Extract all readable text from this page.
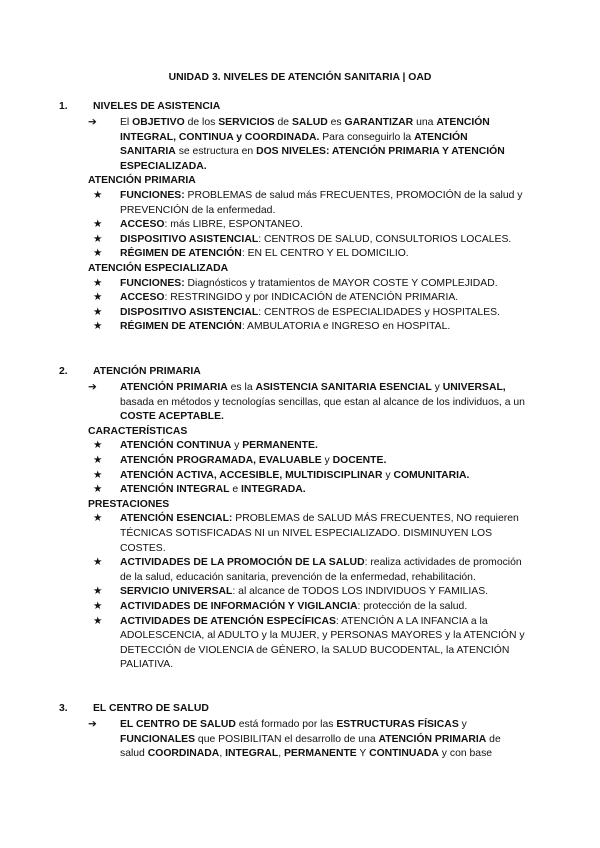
UNIDAD 3. NIVELES DE ATENCIÓN SANITARIA | OAD
1. NIVELES DE ASISTENCIA
➔ El OBJETIVO de los SERVICIOS de SALUD es GARANTIZAR una ATENCIÓN INTEGRAL, CONTINUA y COORDINADA. Para conseguirlo la ATENCIÓN SANITARIA se estructura en DOS NIVELES: ATENCIÓN PRIMARIA Y ATENCIÓN ESPECIALIZADA.
ATENCIÓN PRIMARIA
★ FUNCIONES: PROBLEMAS de salud más FRECUENTES, PROMOCIÓN de la salud y PREVENCIÓN de la enfermedad.
★ ACCESO: más LIBRE, ESPONTANEO.
★ DISPOSITIVO ASISTENCIAL: CENTROS DE SALUD, CONSULTORIOS LOCALES.
★ RÉGIMEN DE ATENCIÓN: EN EL CENTRO Y EL DOMICILIO.
ATENCIÓN ESPECIALIZADA
★ FUNCIONES: Diagnósticos y tratamientos de MAYOR COSTE Y COMPLEJIDAD.
★ ACCESO: RESTRINGIDO y por INDICACIÓN de ATENCIÓN PRIMARIA.
★ DISPOSITIVO ASISTENCIAL: CENTROS de ESPECIALIDADES y HOSPITALES.
★ RÉGIMEN DE ATENCIÓN: AMBULATORIA e INGRESO en HOSPITAL.
2. ATENCIÓN PRIMARIA
➔ ATENCIÓN PRIMARIA es la ASISTENCIA SANITARIA ESENCIAL y UNIVERSAL, basada en métodos y tecnologías sencillas, que estan al alcance de los individuos, a un COSTE ACEPTABLE.
CARACTERÍSTICAS
★ ATENCIÓN CONTINUA y PERMANENTE.
★ ATENCIÓN PROGRAMADA, EVALUABLE y DOCENTE.
★ ATENCIÓN ACTIVA, ACCESIBLE, MULTIDISCIPLINAR y COMUNITARIA.
★ ATENCIÓN INTEGRAL e INTEGRADA.
PRESTACIONES
★ ATENCIÓN ESENCIAL: PROBLEMAS de SALUD MÁS FRECUENTES, NO requieren TÉCNICAS SOTISFICADAS NI un NIVEL ESPECIALIZADO. DISMINUYEN LOS COSTES.
★ ACTIVIDADES DE LA PROMOCIÓN DE LA SALUD: realiza actividades de promoción de la salud, educación sanitaria, prevención de la enfermedad, rehabilitación.
★ SERVICIO UNIVERSAL: al alcance de TODOS LOS INDIVIDUOS Y FAMILIAS.
★ ACTIVIDADES DE INFORMACIÓN Y VIGILANCIA: protección de la salud.
★ ACTIVIDADES DE ATENCIÓN ESPECÍFICAS: ATENCIÓN A LA INFANCIA a la ADOLESCENCIA, al ADULTO y la MUJER, y PERSONAS MAYORES y la ATENCIÓN y DETECCIÓN de VIOLENCIA de GÉNERO, la SALUD BUCODENTAL, la ATENCIÓN PALIATIVA.
3. EL CENTRO DE SALUD
➔ EL CENTRO DE SALUD está formado por las ESTRUCTURAS FÍSICAS y FUNCIONALES que POSIBILITAN el desarrollo de una ATENCIÓN PRIMARIA de salud COORDINADA, INTEGRAL, PERMANENTE Y CONTINUADA y con base
